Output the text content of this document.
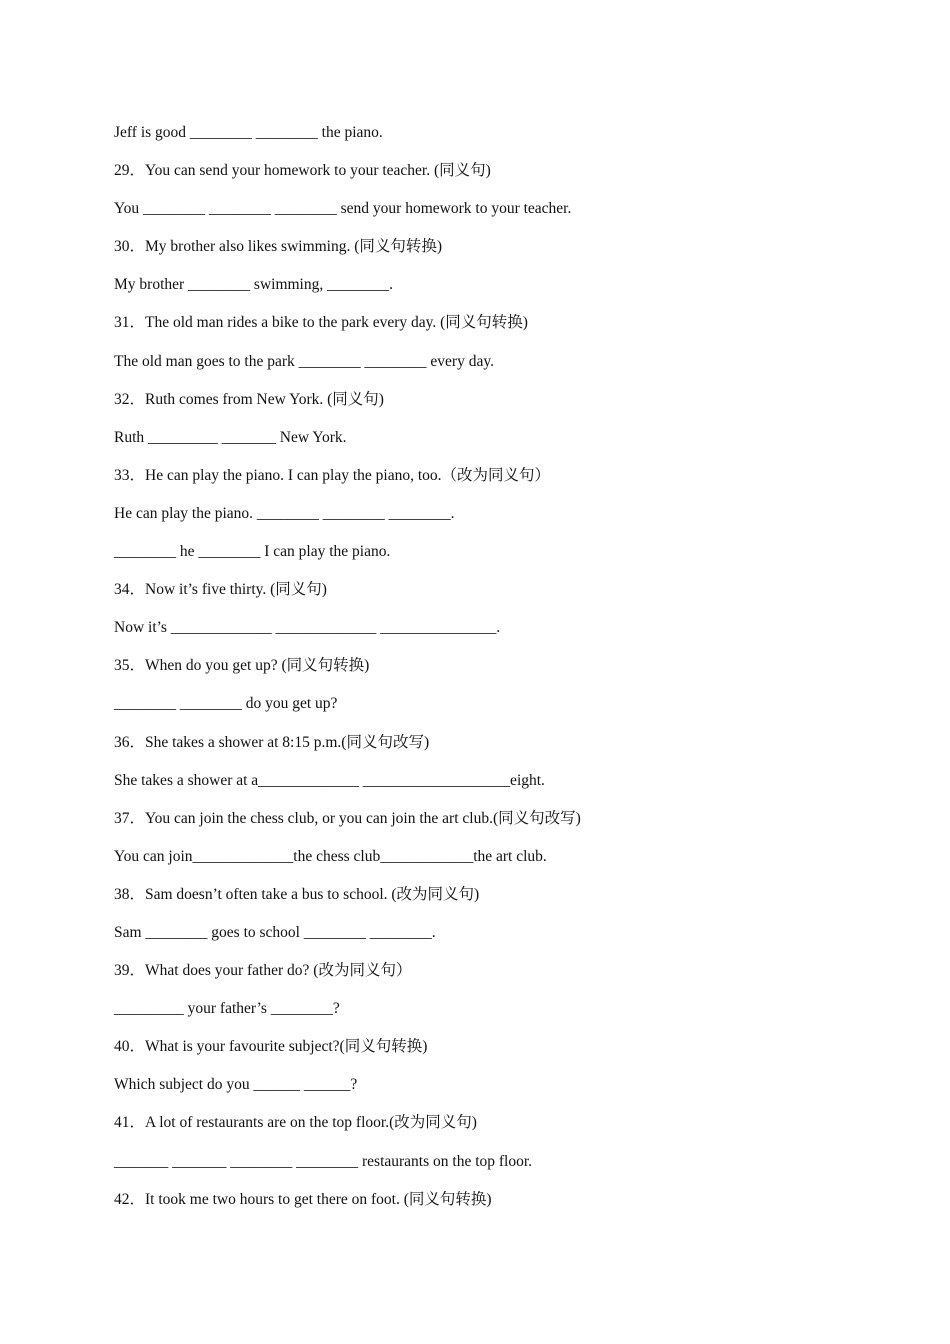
Jeff is good ________ ________ the piano.
29．You can send your homework to your teacher. (同义句)
You ________ ________ ________ send your homework to your teacher.
30．My brother also likes swimming. (同义句转换)
My brother ________ swimming, ________.
31．The old man rides a bike to the park every day. (同义句转换)
The old man goes to the park ________ ________ every day.
32．Ruth comes from New York. (同义句)
Ruth _________ _______ New York.
33．He can play the piano. I can play the piano, too.（改为同义句）
He can play the piano. ________ ________ ________.
________ he ________ I can play the piano.
34．Now it’s five thirty. (同义句)
Now it’s _____________ _____________ _______________.
35．When do you get up? (同义句转换)
________ ________ do you get up?
36．She takes a shower at 8:15 p.m.(同义句改写)
She takes a shower at a_____________ ___________________eight.
37．You can join the chess club, or you can join the art club.(同义句改写)
You can join_____________the chess club____________the art club.
38．Sam doesn’t often take a bus to school. (改为同义句)
Sam ________ goes to school ________ ________.
39．What does your father do? (改为同义句）
_________ your father’s ________?
40．What is your favourite subject?(同义句转换)
Which subject do you ______ ______?
41．A lot of restaurants are on the top floor.(改为同义句)
_______ _______ ________ ________ restaurants on the top floor.
42．It took me two hours to get there on foot. (同义句转换)
